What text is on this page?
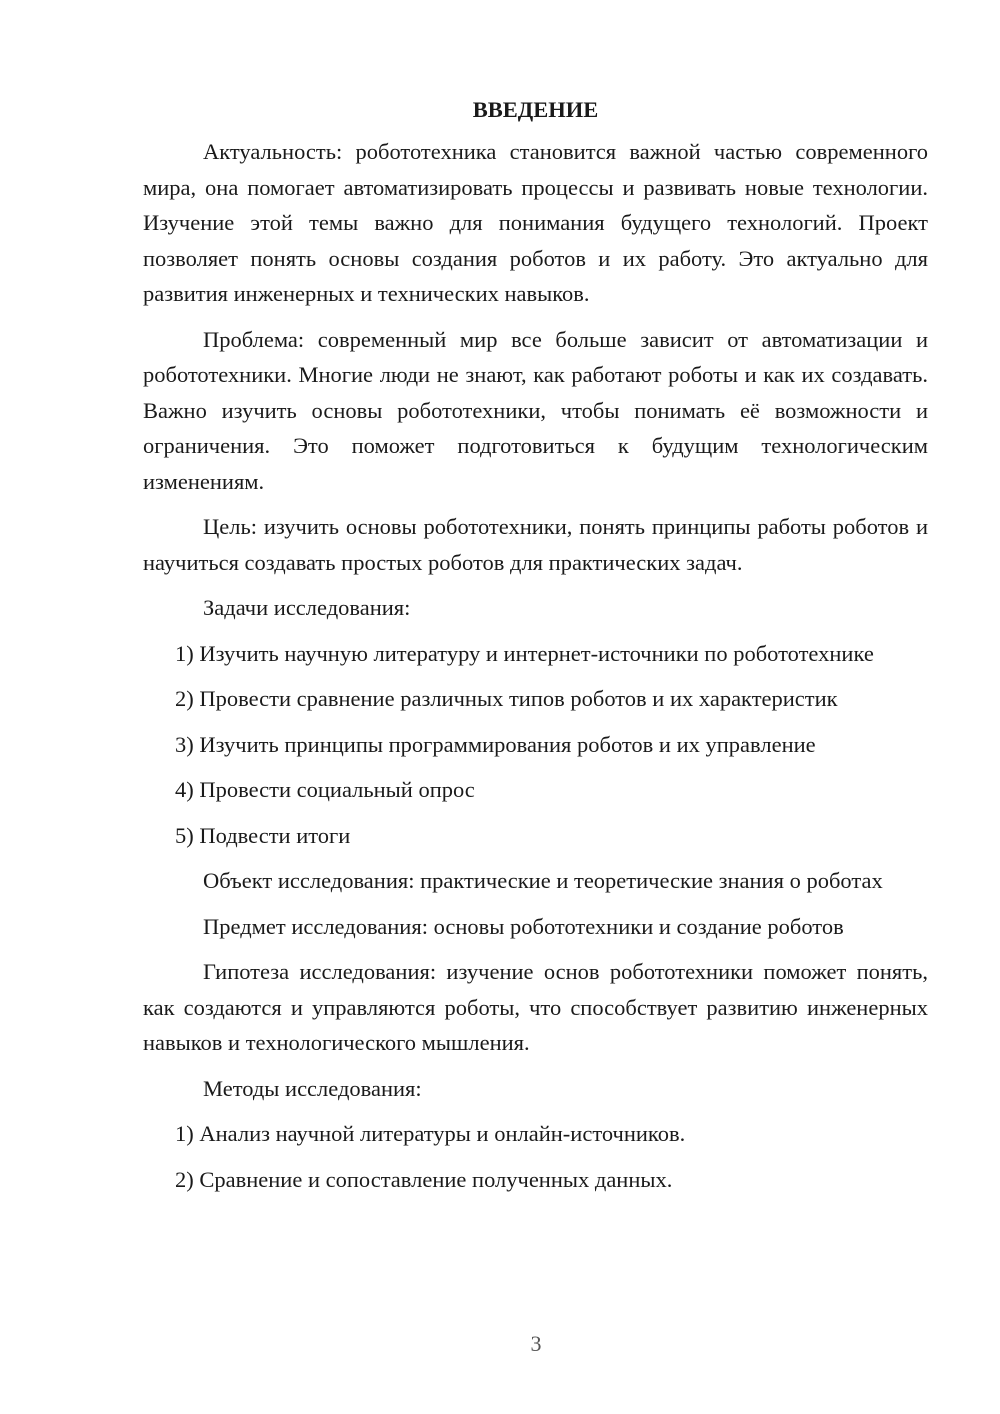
ВВЕДЕНИЕ

Актуальность: робототехника становится важной частью современного мира, она помогает автоматизировать процессы и развивать новые технологии. Изучение этой темы важно для понимания будущего технологий. Проект позволяет понять основы создания роботов и их работу. Это актуально для развития инженерных и технических навыков.

Проблема: современный мир все больше зависит от автоматизации и робототехники. Многие люди не знают, как работают роботы и как их создавать. Важно изучить основы робототехники, чтобы понимать её возможности и ограничения. Это поможет подготовиться к будущим технологическим изменениям.

Цель: изучить основы робототехники, понять принципы работы роботов и научиться создавать простых роботов для практических задач.

Задачи исследования:

1) Изучить научную литературу и интернет-источники по робототехнике

2) Провести сравнение различных типов роботов и их характеристик

3) Изучить принципы программирования роботов и их управление

4) Провести социальный опрос

5) Подвести итоги

Объект исследования: практические и теоретические знания о роботах

Предмет исследования: основы робототехники и создание роботов

Гипотеза исследования: изучение основ робототехники поможет понять, как создаются и управляются роботы, что способствует развитию инженерных навыков и технологического мышления.

Методы исследования:

1) Анализ научной литературы и онлайн-источников.

2) Сравнение и сопоставление полученных данных.

3
